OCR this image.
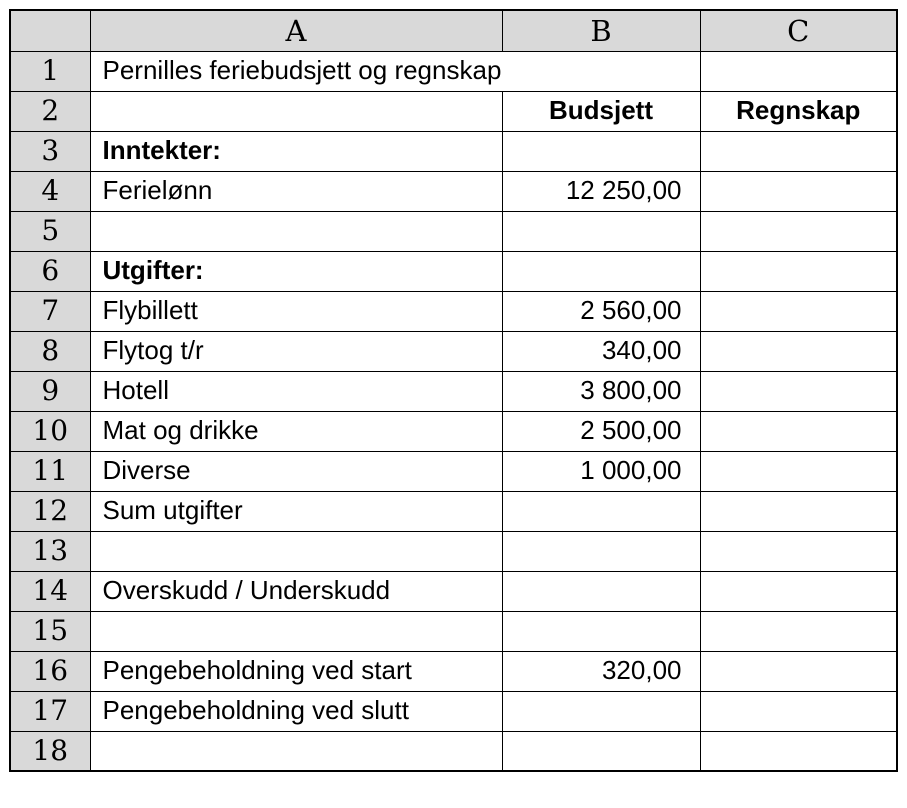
	A	B	C
1	Pernilles feriebudsjett og regnskap		
2		Budsjett	Regnskap
3	Inntekter:		
4	Ferielønn	12 250,00	
5			
6	Utgifter:		
7	Flybillett	2 560,00	
8	Flytog t/r	340,00	
9	Hotell	3 800,00	
10	Mat og drikke	2 500,00	
11	Diverse	1 000,00	
12	Sum utgifter		
13			
14	Overskudd / Underskudd		
15			
16	Pengebeholdning ved start	320,00	
17	Pengebeholdning ved slutt		
18			
